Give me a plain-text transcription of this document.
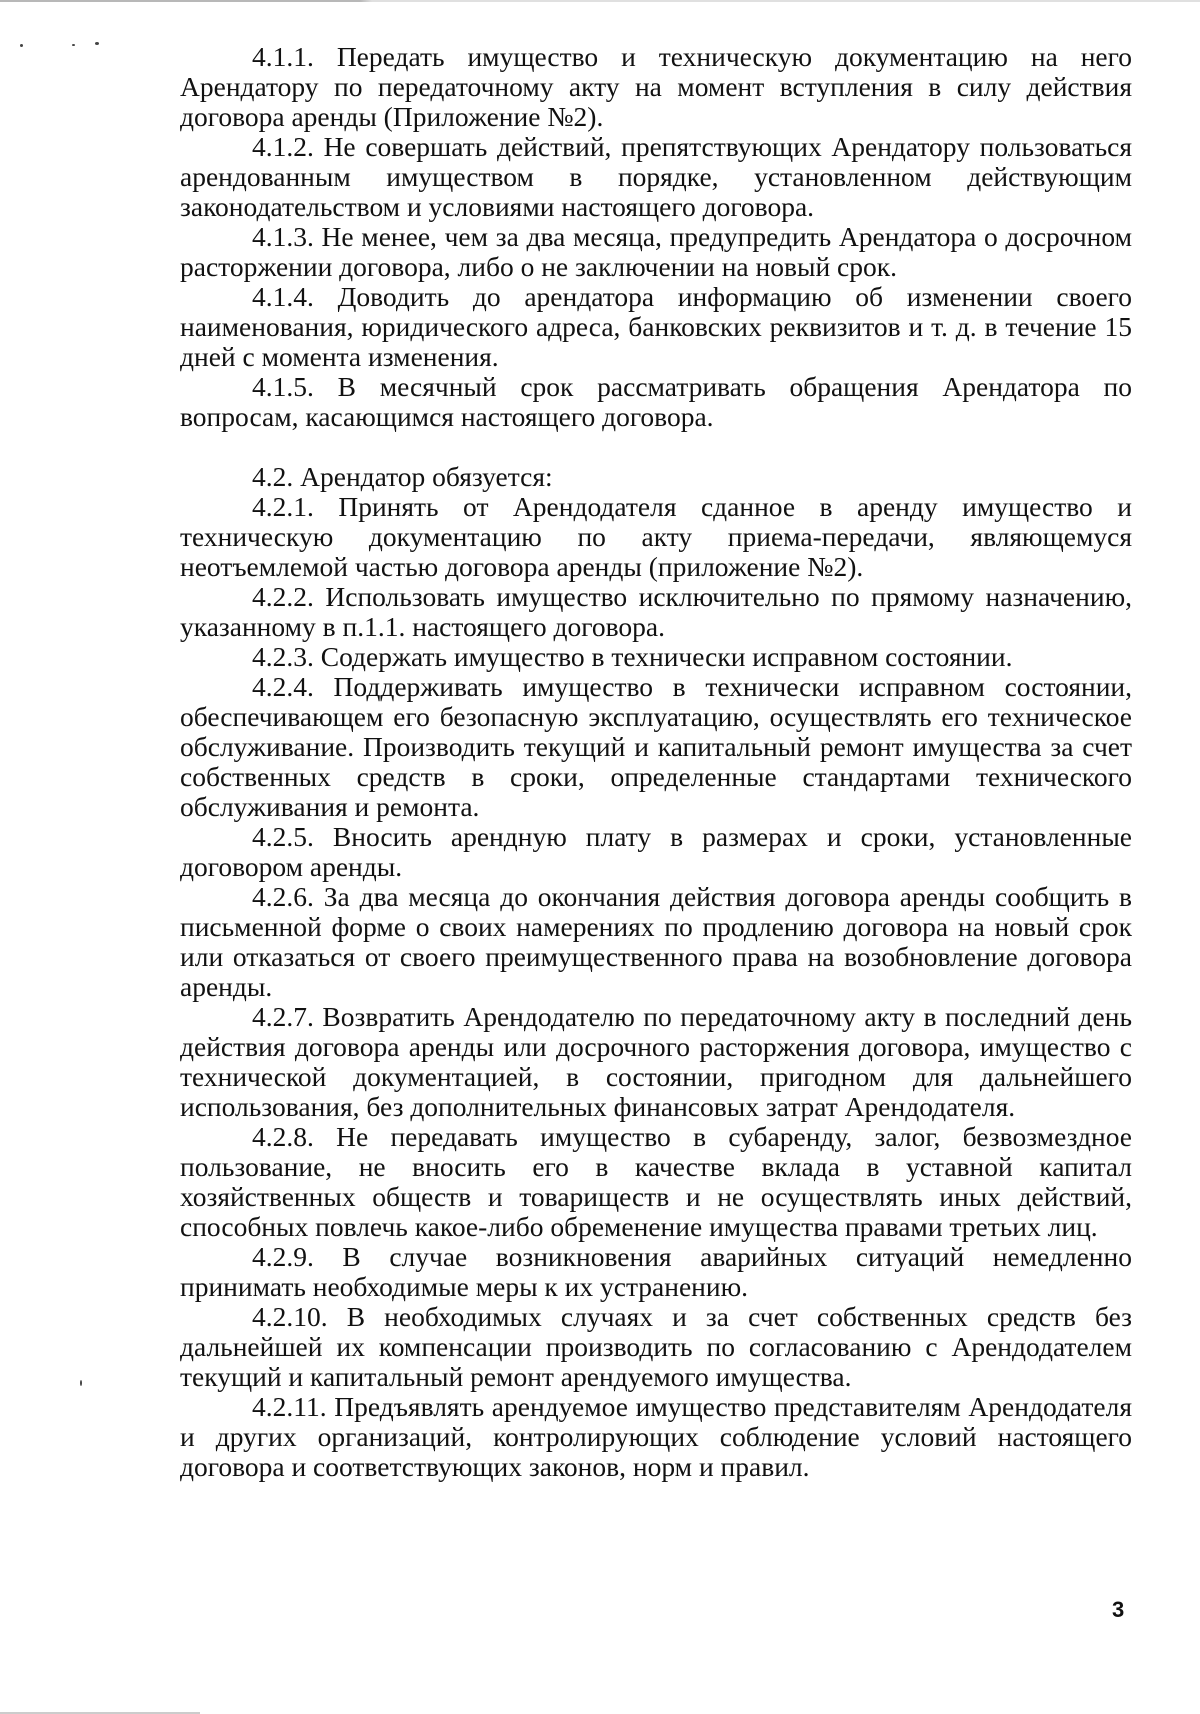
4.1.1. Передать имущество и техническую документацию на него Арендатору по передаточному акту на момент вступления в силу действия договора аренды (Приложение №2).

4.1.2. Не совершать действий, препятствующих Арендатору пользоваться арендованным имуществом в порядке, установленном действующим законодательством и условиями настоящего договора.

4.1.3. Не менее, чем за два месяца, предупредить Арендатора о досрочном расторжении договора, либо о не заключении на новый срок.

4.1.4. Доводить до арендатора информацию об изменении своего наименования, юридического адреса, банковских реквизитов и т. д. в течение 15 дней с момента изменения.

4.1.5. В месячный срок рассматривать обращения Арендатора по вопросам, касающимся настоящего договора.

4.2. Арендатор обязуется:

4.2.1. Принять от Арендодателя сданное в аренду имущество и техническую документацию по акту приема-передачи, являющемуся неотъемлемой частью договора аренды (приложение №2).

4.2.2. Использовать имущество исключительно по прямому назначению, указанному в п.1.1. настоящего договора.

4.2.3. Содержать имущество в технически исправном состоянии.

4.2.4. Поддерживать имущество в технически исправном состоянии, обеспечивающем его безопасную эксплуатацию, осуществлять его техническое обслуживание. Производить текущий и капитальный ремонт имущества за счет собственных средств в сроки, определенные стандартами технического обслуживания и ремонта.

4.2.5. Вносить арендную плату в размерах и сроки, установленные договором аренды.

4.2.6. За два месяца до окончания действия договора аренды сообщить в письменной форме о своих намерениях по продлению договора на новый срок или отказаться от своего преимущественного права на возобновление договора аренды.

4.2.7. Возвратить Арендодателю по передаточному акту в последний день действия договора аренды или досрочного расторжения договора, имущество с технической документацией, в состоянии, пригодном для дальнейшего использования, без дополнительных финансовых затрат Арендодателя.

4.2.8. Не передавать имущество в субаренду, залог, безвозмездное пользование, не вносить его в качестве вклада в уставной капитал хозяйственных обществ и товариществ и не осуществлять иных действий, способных повлечь какое-либо обременение имущества правами третьих лиц.

4.2.9. В случае возникновения аварийных ситуаций немедленно принимать необходимые меры к их устранению.

4.2.10. В необходимых случаях и за счет собственных средств без дальнейшей их компенсации производить по согласованию с Арендодателем текущий и капитальный ремонт арендуемого имущества.

4.2.11. Предъявлять арендуемое имущество представителям Арендодателя и других организаций, контролирующих соблюдение условий настоящего договора и соответствующих законов, норм и правил.

3
